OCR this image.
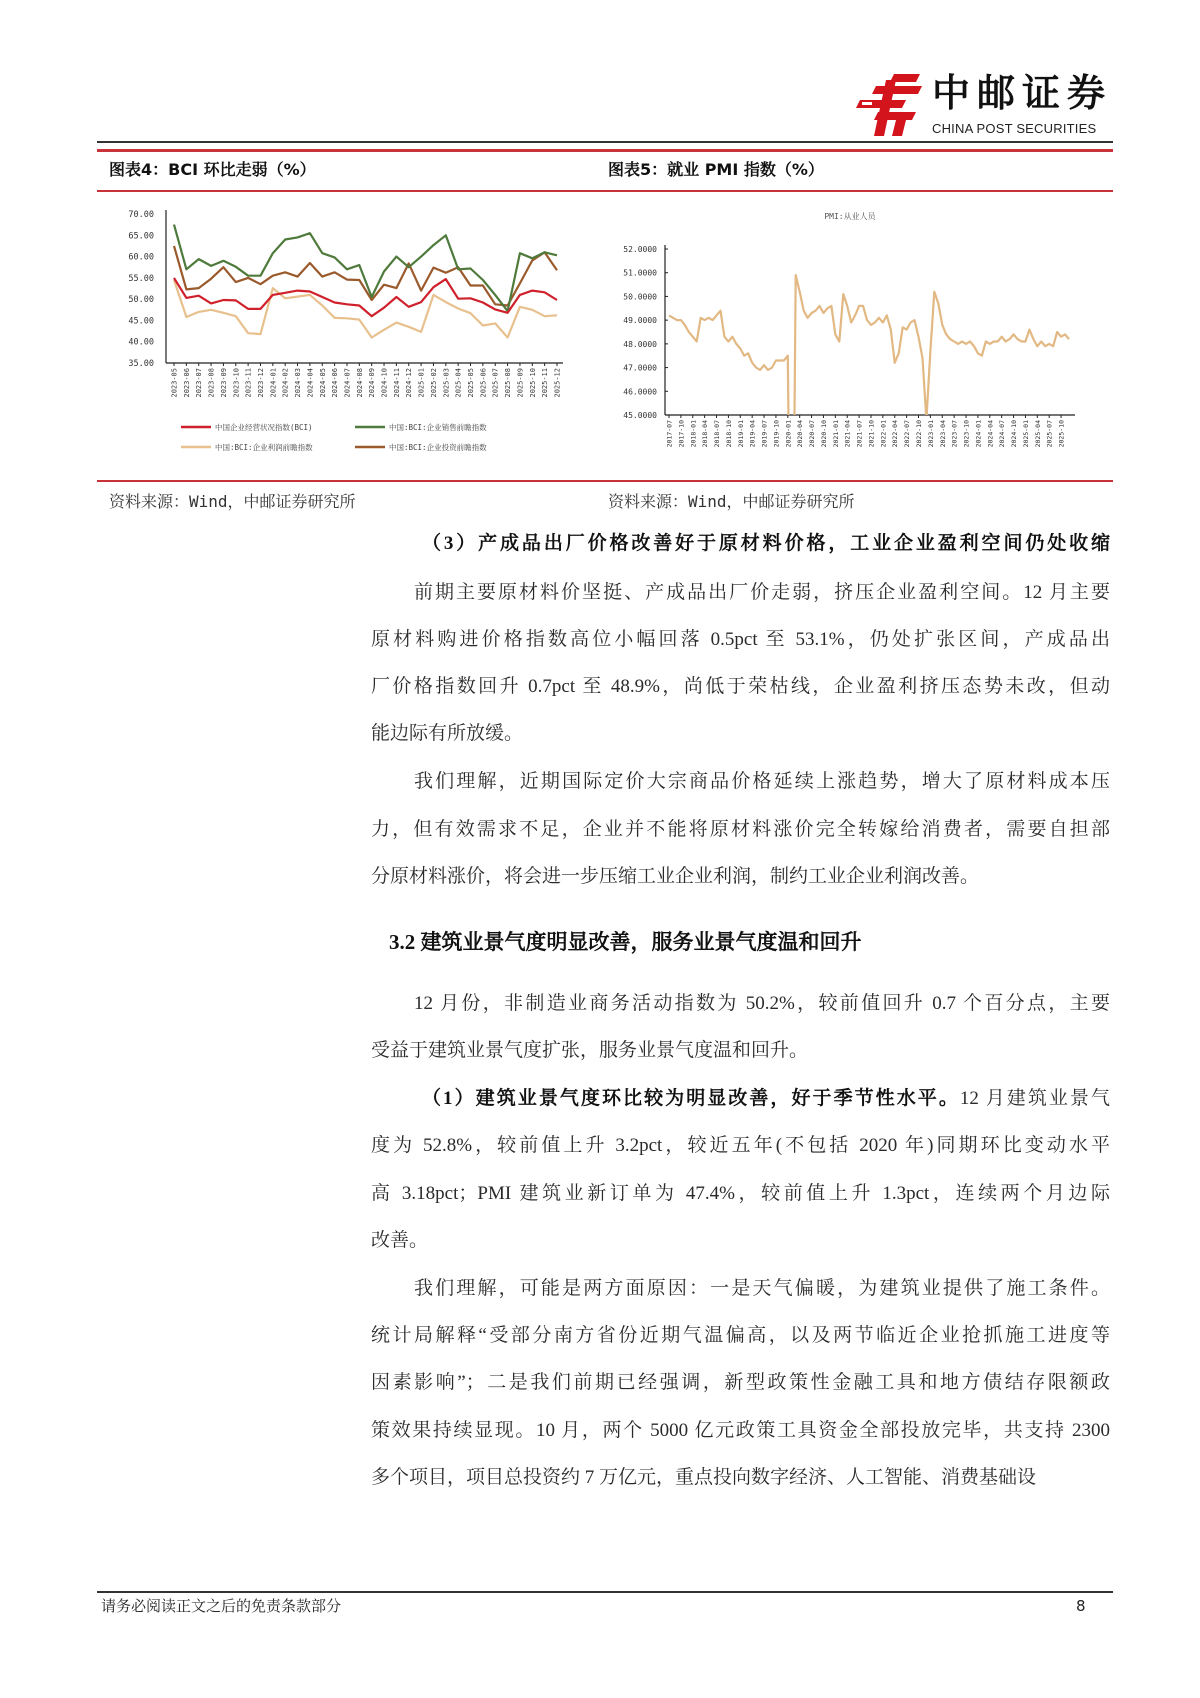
中邮证券
CHINA POST SECURITIES
图表4：BCI 环比走弱（%）	图表5：就业 PMI 指数（%）
35.00
40.00
45.00
50.00
55.00
60.00
65.00
70.00
2023-05 2023-06 2023-07 2023-08 2023-09 2023-10 2023-11 2023-12 2024-01 2024-02 2024-03 2024-04 2024-05 2024-06 2024-07 2024-08 2024-09 2024-10 2024-11 2024-12 2025-01 2025-02 2025-03 2025-04 2025-05 2025-06 2025-07 2025-08 2025-09 2025-10 2025-11 2025-12
中国企业经营状况指数(BCI)	中国:BCI:企业销售前瞻指数
中国:BCI:企业利润前瞻指数	中国:BCI:企业投资前瞻指数
PMI:从业人员
45.0000
46.0000
47.0000
48.0000
49.0000
50.0000
51.0000
52.0000
2017-07 2017-10 2018-01 2018-04 2018-07 2018-10 2019-01 2019-04 2019-07 2019-10 2020-01 2020-04 2020-07 2020-10 2021-01 2021-04 2021-07 2021-10 2022-01 2022-04 2022-07 2022-10 2023-01 2023-04 2023-07 2023-10 2024-01 2024-04 2024-07 2024-10 2025-01 2025-04 2025-07 2025-10
资料来源：Wind，中邮证券研究所	资料来源：Wind，中邮证券研究所
（3）产成品出厂价格改善好于原材料价格，工业企业盈利空间仍处收缩
前期主要原材料价坚挺、产成品出厂价走弱，挤压企业盈利空间。12 月主要
原材料购进价格指数高位小幅回落 0.5pct 至 53.1%，仍处扩张区间，产成品出
厂价格指数回升 0.7pct 至 48.9%，尚低于荣枯线，企业盈利挤压态势未改，但动
能边际有所放缓。
我们理解，近期国际定价大宗商品价格延续上涨趋势，增大了原材料成本压
力，但有效需求不足，企业并不能将原材料涨价完全转嫁给消费者，需要自担部
分原材料涨价，将会进一步压缩工业企业利润，制约工业企业利润改善。
3.2 建筑业景气度明显改善，服务业景气度温和回升
12 月份，非制造业商务活动指数为 50.2%，较前值回升 0.7 个百分点，主要
受益于建筑业景气度扩张，服务业景气度温和回升。
（1）建筑业景气度环比较为明显改善，好于季节性水平。12 月建筑业景气
度为 52.8%，较前值上升 3.2pct，较近五年(不包括 2020 年)同期环比变动水平
高 3.18pct；PMI 建筑业新订单为 47.4%，较前值上升 1.3pct，连续两个月边际
改善。
我们理解，可能是两方面原因：一是天气偏暖，为建筑业提供了施工条件。
统计局解释“受部分南方省份近期气温偏高，以及两节临近企业抢抓施工进度等
因素影响”；二是我们前期已经强调，新型政策性金融工具和地方债结存限额政
策效果持续显现。10 月，两个 5000 亿元政策工具资金全部投放完毕，共支持 2300
多个项目，项目总投资约 7 万亿元，重点投向数字经济、人工智能、消费基础设
请务必阅读正文之后的免责条款部分	8
